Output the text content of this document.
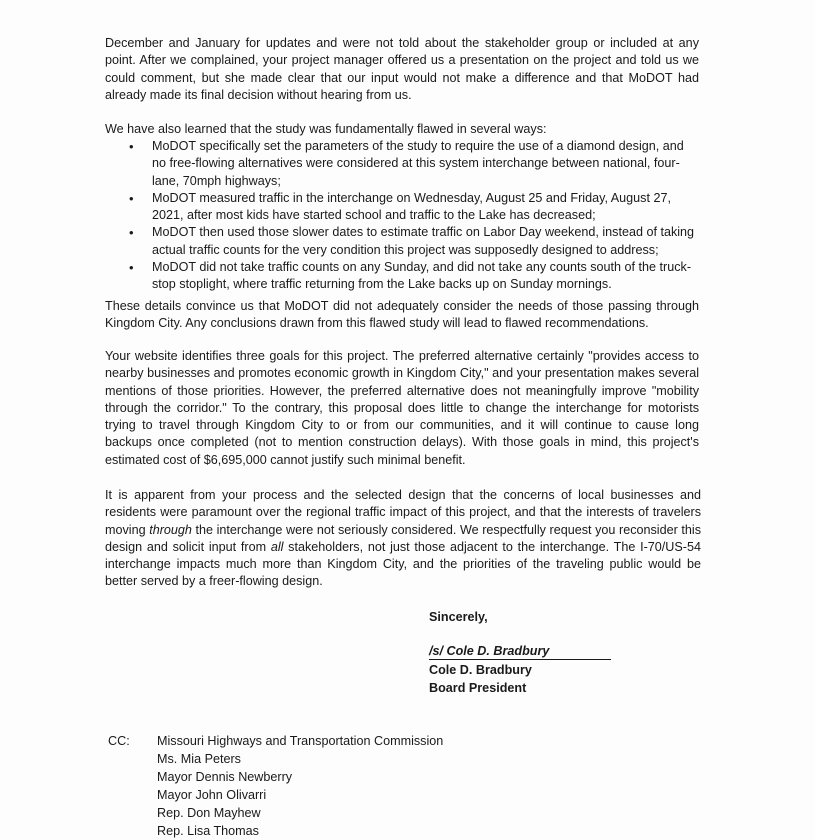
December and January for updates and were not told about the stakeholder group or included at any point. After we complained, your project manager offered us a presentation on the project and told us we could comment, but she made clear that our input would not make a difference and that MoDOT had already made its final decision without hearing from us.

We have also learned that the study was fundamentally flawed in several ways:

• MoDOT specifically set the parameters of the study to require the use of a diamond design, and no free-flowing alternatives were considered at this system interchange between national, four-lane, 70mph highways;
• MoDOT measured traffic in the interchange on Wednesday, August 25 and Friday, August 27, 2021, after most kids have started school and traffic to the Lake has decreased;
• MoDOT then used those slower dates to estimate traffic on Labor Day weekend, instead of taking actual traffic counts for the very condition this project was supposedly designed to address;
• MoDOT did not take traffic counts on any Sunday, and did not take any counts south of the truck-stop stoplight, where traffic returning from the Lake backs up on Sunday mornings.

These details convince us that MoDOT did not adequately consider the needs of those passing through Kingdom City. Any conclusions drawn from this flawed study will lead to flawed recommendations.

Your website identifies three goals for this project. The preferred alternative certainly "provides access to nearby businesses and promotes economic growth in Kingdom City," and your presentation makes several mentions of those priorities. However, the preferred alternative does not meaningfully improve "mobility through the corridor." To the contrary, this proposal does little to change the interchange for motorists trying to travel through Kingdom City to or from our communities, and it will continue to cause long backups once completed (not to mention construction delays). With those goals in mind, this project's estimated cost of $6,695,000 cannot justify such minimal benefit.

It is apparent from your process and the selected design that the concerns of local businesses and residents were paramount over the regional traffic impact of this project, and that the interests of travelers moving through the interchange were not seriously considered. We respectfully request you reconsider this design and solicit input from all stakeholders, not just those adjacent to the interchange. The I-70/US-54 interchange impacts much more than Kingdom City, and the priorities of the traveling public would be better served by a freer-flowing design.

Sincerely,
/s/ Cole D. Bradbury
Cole D. Bradbury
Board President
CC: Missouri Highways and Transportation Commission
Ms. Mia Peters
Mayor Dennis Newberry
Mayor John Olivarri
Rep. Don Mayhew
Rep. Lisa Thomas
